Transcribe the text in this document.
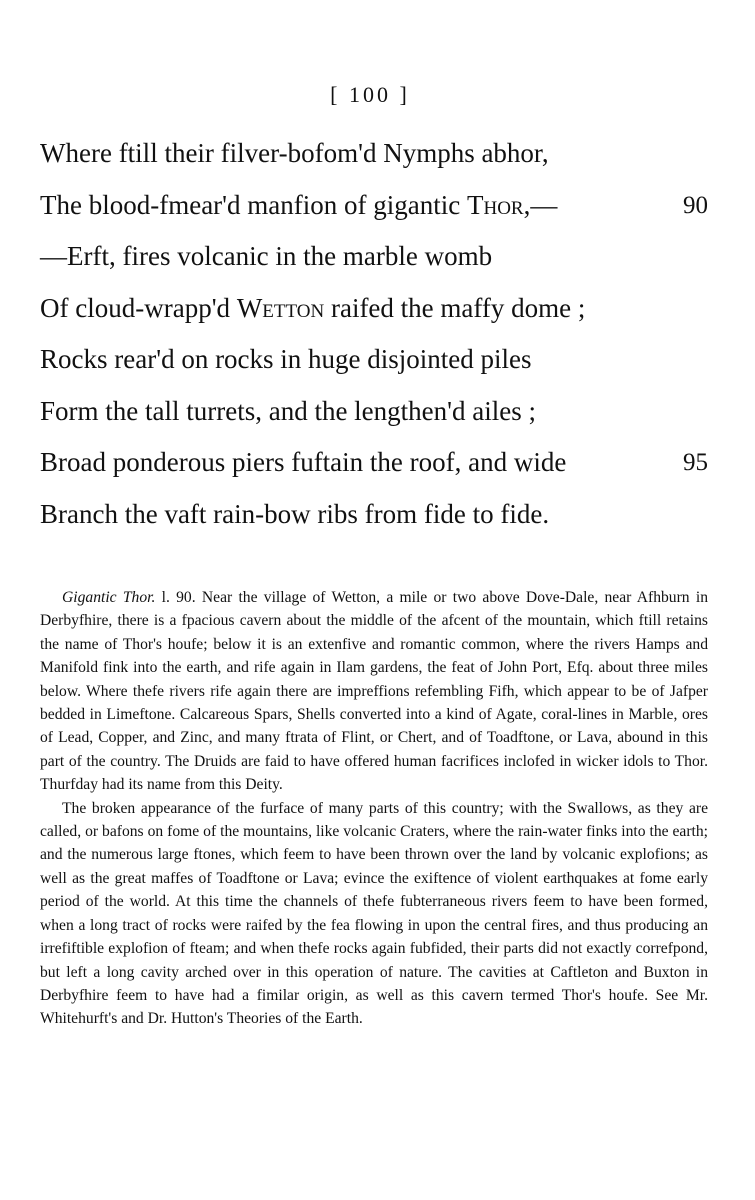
[ 100 ]
Where ftill their filver-bofom'd Nymphs abhor,
The blood-fmear'd manfion of gigantic Thor,—	90
—Erft, fires volcanic in the marble womb
Of cloud-wrapp'd Wetton raifed the maffy dome ;
Rocks rear'd on rocks in huge disjointed piles
Form the tall turrets, and the lengthen'd ailes ;
Broad ponderous piers fuftain the roof, and wide	95
Branch the vaft rain-bow ribs from fide to fide.

Gigantic Thor. l. 90. Near the village of Wetton, a mile or two above Dove-Dale, near Afhburn in Derbyfhire, there is a fpacious cavern about the middle of the afcent of the mountain, which ftill retains the name of Thor's houfe; below it is an extenfive and romantic common, where the rivers Hamps and Manifold fink into the earth, and rife again in Ilam gardens, the feat of John Port, Efq. about three miles below. Where thefe rivers rife again there are impreffions refembling Fifh, which appear to be of Jafper bedded in Limeftone. Calcareous Spars, Shells converted into a kind of Agate, coral-lines in Marble, ores of Lead, Copper, and Zinc, and many ftrata of Flint, or Chert, and of Toadftone, or Lava, abound in this part of the country. The Druids are faid to have offered human facrifices inclofed in wicker idols to Thor. Thurfday had its name from this Deity.

The broken appearance of the furface of many parts of this country; with the Swallows, as they are called, or bafons on fome of the mountains, like volcanic Craters, where the rain-water finks into the earth; and the numerous large ftones, which feem to have been thrown over the land by volcanic explofions; as well as the great maffes of Toadftone or Lava; evince the exiftence of violent earthquakes at fome early period of the world. At this time the channels of thefe fubterraneous rivers feem to have been formed, when a long tract of rocks were raifed by the fea flowing in upon the central fires, and thus producing an irrefiftible explofion of fteam; and when thefe rocks again fubfided, their parts did not exactly correfpond, but left a long cavity arched over in this operation of nature. The cavities at Caftleton and Buxton in Derbyfhire feem to have had a fimilar origin, as well as this cavern termed Thor's houfe. See Mr. Whitehurft's and Dr. Hutton's Theories of the Earth.
